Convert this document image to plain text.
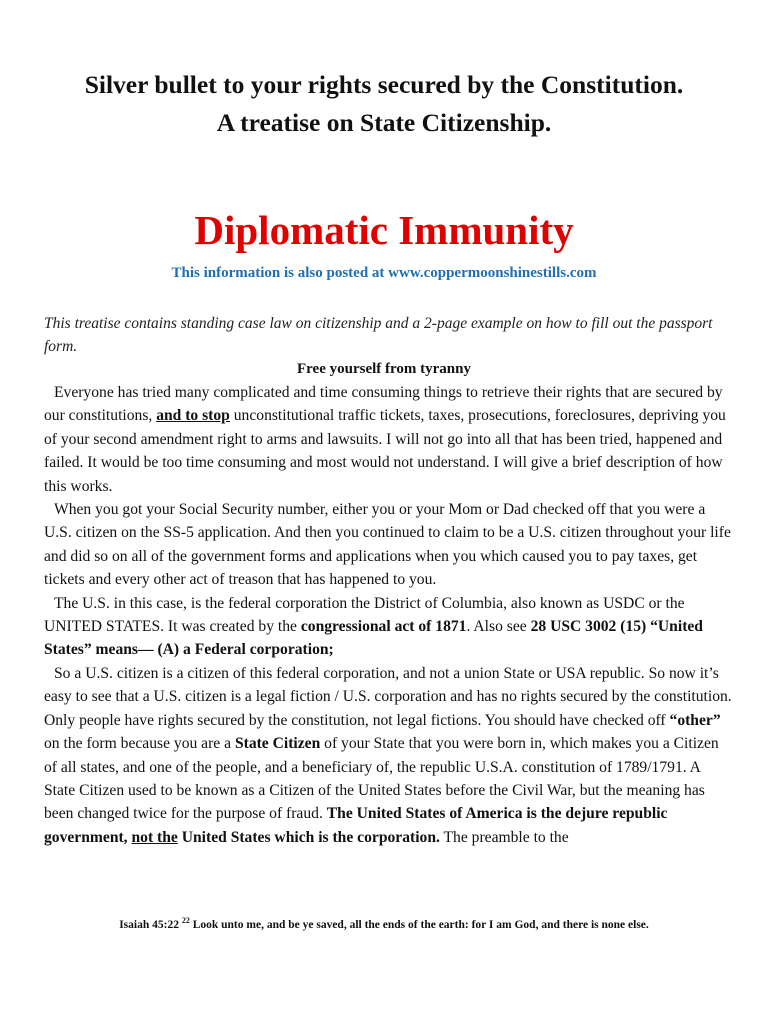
Silver bullet to your rights secured by the Constitution.
A treatise on State Citizenship.
Diplomatic Immunity
This information is also posted at www.coppermoonshinestills.com
This treatise contains standing case law on citizenship and a 2-page example on how to fill out the passport form.
Free yourself from tyranny

Everyone has tried many complicated and time consuming things to retrieve their rights that are secured by our constitutions, and to stop unconstitutional traffic tickets, taxes, prosecutions, foreclosures, depriving you of your second amendment right to arms and lawsuits. I will not go into all that has been tried, happened and failed. It would be too time consuming and most would not understand. I will give a brief description of how this works.

When you got your Social Security number, either you or your Mom or Dad checked off that you were a U.S. citizen on the SS-5 application. And then you continued to claim to be a U.S. citizen throughout your life and did so on all of the government forms and applications when you which caused you to pay taxes, get tickets and every other act of treason that has happened to you.

The U.S. in this case, is the federal corporation the District of Columbia, also known as USDC or the UNITED STATES. It was created by the congressional act of 1871. Also see 28 USC 3002 (15) “United States” means— (A) a Federal corporation;

So a U.S. citizen is a citizen of this federal corporation, and not a union State or USA republic. So now it’s easy to see that a U.S. citizen is a legal fiction / U.S. corporation and has no rights secured by the constitution. Only people have rights secured by the constitution, not legal fictions. You should have checked off “other” on the form because you are a State Citizen of your State that you were born in, which makes you a Citizen of all states, and one of the people, and a beneficiary of, the republic U.S.A. constitution of 1789/1791. A State Citizen used to be known as a Citizen of the United States before the Civil War, but the meaning has been changed twice for the purpose of fraud. The United States of America is the dejure republic government, not the United States which is the corporation. The preamble to the

Isaiah 45:22 $^{22}$ Look unto me, and be ye saved, all the ends of the earth: for I am God, and there is none else.
